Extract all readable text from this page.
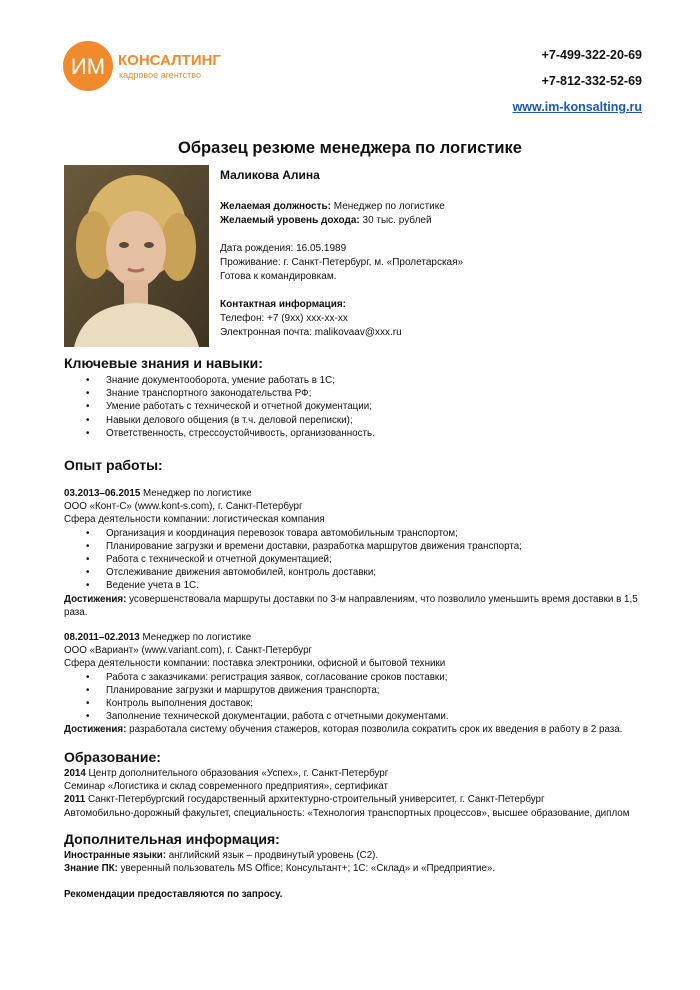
ИМ КОНСАЛТИНГ
кадровое агентство
+7-499-322-20-69
+7-812-332-52-69
www.im-konsalting.ru
Образец резюме менеджера по логистике
Маликова Алина
Желаемая должность: Менеджер по логистике
Желаемый уровень дохода: 30 тыс. рублей
Дата рождения: 16.05.1989
Проживание: г. Санкт-Петербург, м. «Пролетарская»
Готова к командировкам.
Контактная информация:
Телефон: +7 (9хх) ххх-хх-хх
Электронная почта: malikovaav@xxx.ru
Ключевые знания и навыки:
• Знание документооборота, умение работать в 1С;
• Знание транспортного законодательства РФ;
• Умение работать с технической и отчетной документации;
• Навыки делового общения (в т.ч. деловой переписки);
• Ответственность, стрессоустойчивость, организованность.
Опыт работы:
03.2013–06.2015 Менеджер по логистике
ООО «Конт-С» (www.kont-s.com), г. Санкт-Петербург
Сфера деятельности компании: логистическая компания
• Организация и координация перевозок товара автомобильным транспортом;
• Планирование загрузки и времени доставки, разработка маршрутов движения транспорта;
• Работа с технической и отчетной документацией;
• Отслеживание движения автомобилей, контроль доставки;
• Ведение учета в 1С.
Достижения: усовершенствовала маршруты доставки по 3-м направлениям, что позволило уменьшить время доставки в 1,5 раза.
08.2011–02.2013 Менеджер по логистике
ООО «Вариант» (www.variant.com), г. Санкт-Петербург
Сфера деятельности компании: поставка электроники, офисной и бытовой техники
• Работа с заказчиками: регистрация заявок, согласование сроков поставки;
• Планирование загрузки и маршрутов движения транспорта;
• Контроль выполнения доставок;
• Заполнение технической документации, работа с отчетными документами.
Достижения: разработала систему обучения стажеров, которая позволила сократить срок их введения в работу в 2 раза.
Образование:
2014 Центр дополнительного образования «Успех», г. Санкт-Петербург
Семинар «Логистика и склад современного предприятия», сертификат
2011 Санкт-Петербургский государственный архитектурно-строительный университет, г. Санкт-Петербург
Автомобильно-дорожный факультет, специальность: «Технология транспортных процессов», высшее образование, диплом
Дополнительная информация:
Иностранные языки: английский язык – продвинутый уровень (С2).
Знание ПК: уверенный пользователь MS Office; Консультант+; 1С: «Склад» и «Предприятие».
Рекомендации предоставляются по запросу.
